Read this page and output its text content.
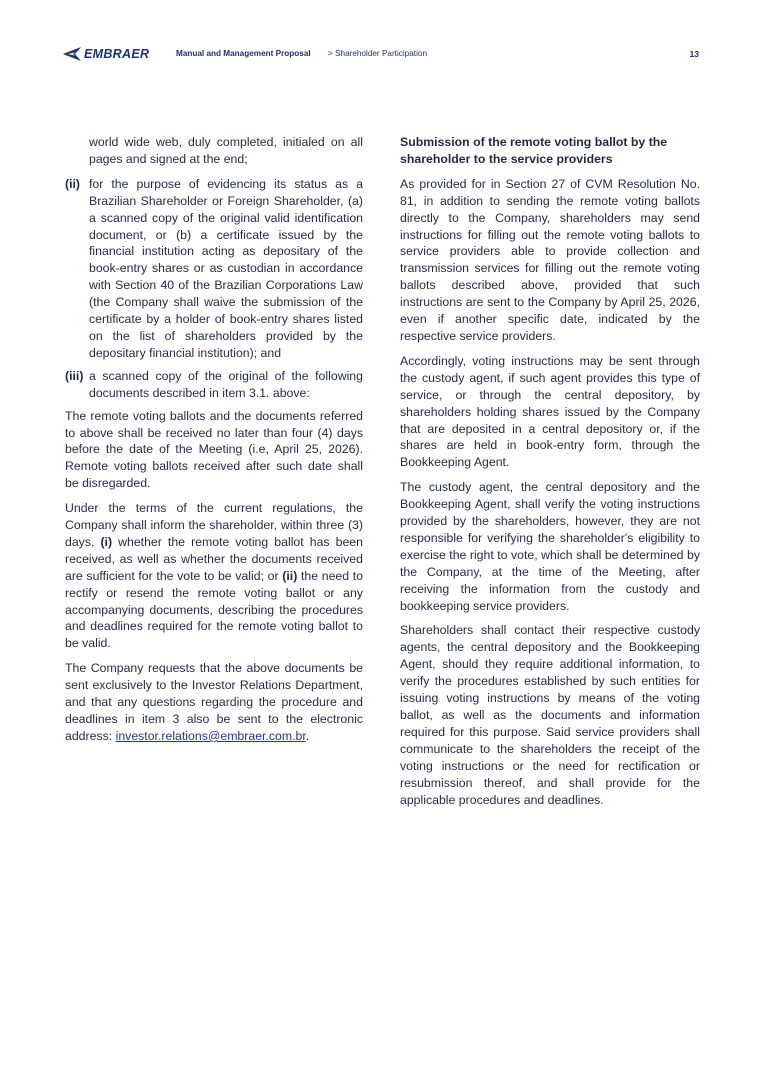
EMBRAER	Manual and Management Proposal > Shareholder Participation	13

world wide web, duly completed, initialed on all pages and signed at the end;

(ii) for the purpose of evidencing its status as a Brazilian Shareholder or Foreign Shareholder, (a) a scanned copy of the original valid identification document, or (b) a certificate issued by the financial institution acting as depositary of the book-entry shares or as custodian in accordance with Section 40 of the Brazilian Corporations Law (the Company shall waive the submission of the certificate by a holder of book-entry shares listed on the list of shareholders provided by the depositary financial institution); and
(iii) a scanned copy of the original of the following documents described in item 3.1. above:

The remote voting ballots and the documents referred to above shall be received no later than four (4) days before the date of the Meeting (i.e, April 25, 2026). Remote voting ballots received after such date shall be disregarded.

Under the terms of the current regulations, the Company shall inform the shareholder, within three (3) days, (i) whether the remote voting ballot has been received, as well as whether the documents received are sufficient for the vote to be valid; or (ii) the need to rectify or resend the remote voting ballot or any accompanying documents, describing the procedures and deadlines required for the remote voting ballot to be valid.

The Company requests that the above documents be sent exclusively to the Investor Relations Department, and that any questions regarding the procedure and deadlines in item 3 also be sent to the electronic address: investor.relations@embraer.com.br.

Submission of the remote voting ballot by the shareholder to the service providers

As provided for in Section 27 of CVM Resolution No. 81, in addition to sending the remote voting ballots directly to the Company, shareholders may send instructions for filling out the remote voting ballots to service providers able to provide collection and transmission services for filling out the remote voting ballots described above, provided that such instructions are sent to the Company by April 25, 2026, even if another specific date, indicated by the respective service providers.

Accordingly, voting instructions may be sent through the custody agent, if such agent provides this type of service, or through the central depository, by shareholders holding shares issued by the Company that are deposited in a central depository or, if the shares are held in book-entry form, through the Bookkeeping Agent.

The custody agent, the central depository and the Bookkeeping Agent, shall verify the voting instructions provided by the shareholders, however, they are not responsible for verifying the shareholder's eligibility to exercise the right to vote, which shall be determined by the Company, at the time of the Meeting, after receiving the information from the custody and bookkeeping service providers.

Shareholders shall contact their respective custody agents, the central depository and the Bookkeeping Agent, should they require additional information, to verify the procedures established by such entities for issuing voting instructions by means of the voting ballot, as well as the documents and information required for this purpose. Said service providers shall communicate to the shareholders the receipt of the voting instructions or the need for rectification or resubmission thereof, and shall provide for the applicable procedures and deadlines.
